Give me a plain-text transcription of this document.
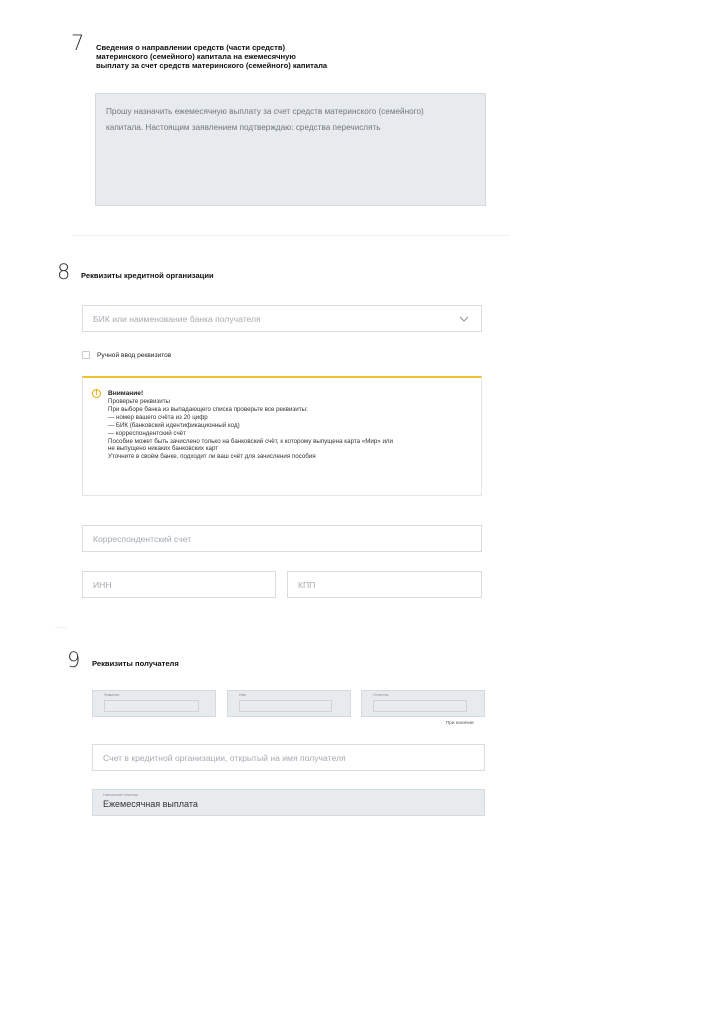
7 Сведения о направлении средств (части средств)
материнского (семейного) капитала на ежемесячную
выплату за счет средств материнского (семейного) капитала
Прошу назначить ежемесячную выплату за счет средств материнского (семейного)
капитала. Настоящим заявлением подтверждаю: средства перечислять
8 Реквизиты кредитной организации
БИК или наименование банка получателя
Ручной ввод реквизитов
!	Внимание!
Проверьте реквизиты
При выборе банка из выпадающего списка проверьте все реквизиты:
— номер вашего счёта из 20 цифр
— БИК (банковский идентификационный код)
— корреспондентский счёт
Пособие может быть зачислено только на банковский счёт, к которому выпущена карта «Мир» или
не выпущено никаких банковских карт
Уточните в своём банке, подходит ли ваш счёт для зачисления пособия
Корреспондентский счет
ИНН	КПП
9 Реквизиты получателя
Фамилия	Имя	Отчество
При наличии
Счет в кредитной организации, открытый на имя получателя
Назначение платежа
Ежемесячная выплата
